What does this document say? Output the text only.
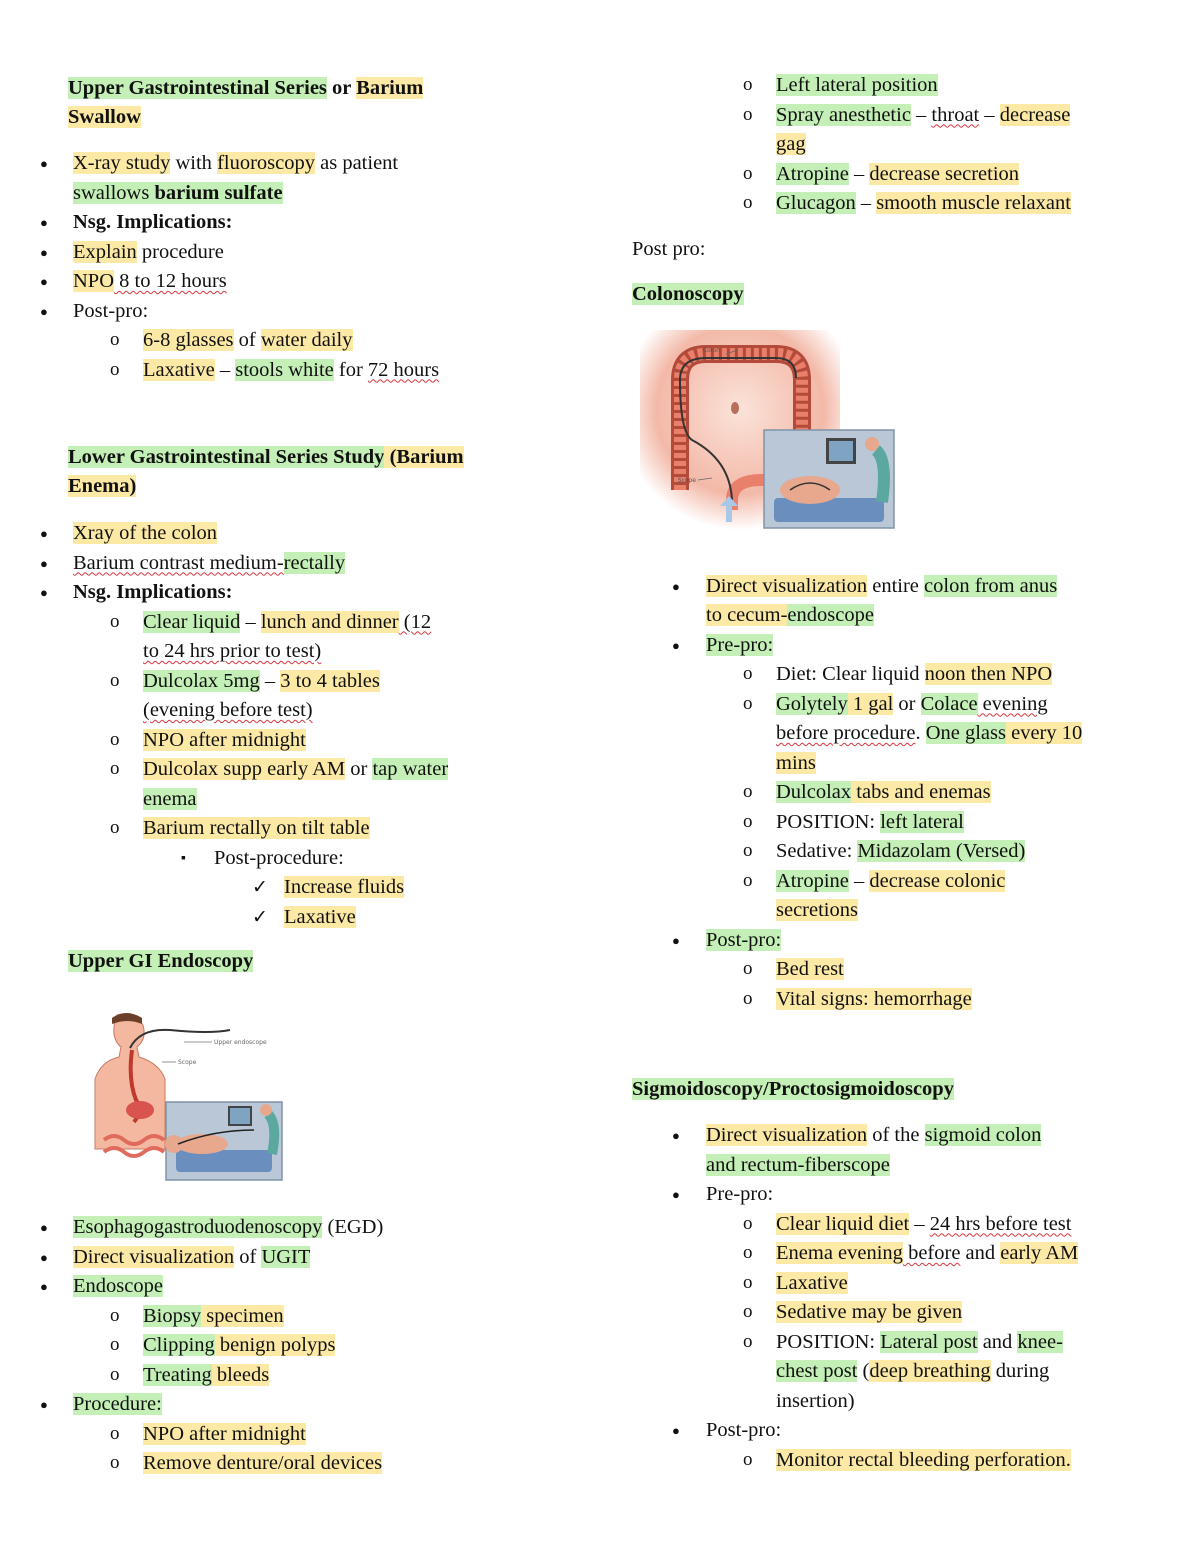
Upper Gastrointestinal Series or Barium
Swallow

● X-ray study with fluoroscopy as patient
swallows barium sulfate
● Nsg. Implications:
● Explain procedure
● NPO 8 to 12 hours
● Post-pro:
o 6-8 glasses of water daily
o Laxative – stools white for 72 hours

Lower Gastrointestinal Series Study (Barium
Enema)

● Xray of the colon
● Barium contrast medium-rectally
● Nsg. Implications:
o Clear liquid – lunch and dinner (12
to 24 hrs prior to test)
o Dulcolax 5mg – 3 to 4 tables
(evening before test)
o NPO after midnight
o Dulcolax supp early AM or tap water
enema
o Barium rectally on tilt table
▪ Post-procedure:
✓ Increase fluids
✓ Laxative

Upper GI Endoscopy

● Esophagogastroduodenoscopy (EGD)
● Direct visualization of UGIT
● Endoscope
o Biopsy specimen
o Clipping benign polyps
o Treating bleeds
● Procedure:
o NPO after midnight
o Remove denture/oral devices
o Left lateral position
o Spray anesthetic – throat – decrease
gag
o Atropine – decrease secretion
o Glucagon – smooth muscle relaxant

Post pro:

Colonoscopy

● Direct visualization entire colon from anus
to cecum-endoscope
● Pre-pro:
o Diet: Clear liquid noon then NPO
o Golytely 1 gal or Colace evening
before procedure. One glass every 10
mins
o Dulcolax tabs and enemas
o POSITION: left lateral
o Sedative: Midazolam (Versed)
o Atropine – decrease colonic
secretions
● Post-pro:
o Bed rest
o Vital signs: hemorrhage

Sigmoidoscopy/Proctosigmoidoscopy

● Direct visualization of the sigmoid colon
and rectum-fiberscope
● Pre-pro:
o Clear liquid diet – 24 hrs before test
o Enema evening before and early AM
o Laxative
o Sedative may be given
o POSITION: Lateral post and knee-
chest post (deep breathing during
insertion)
● Post-pro:
o Monitor rectal bleeding perforation.
Upper endoscope
Scope
Colon
Scope
